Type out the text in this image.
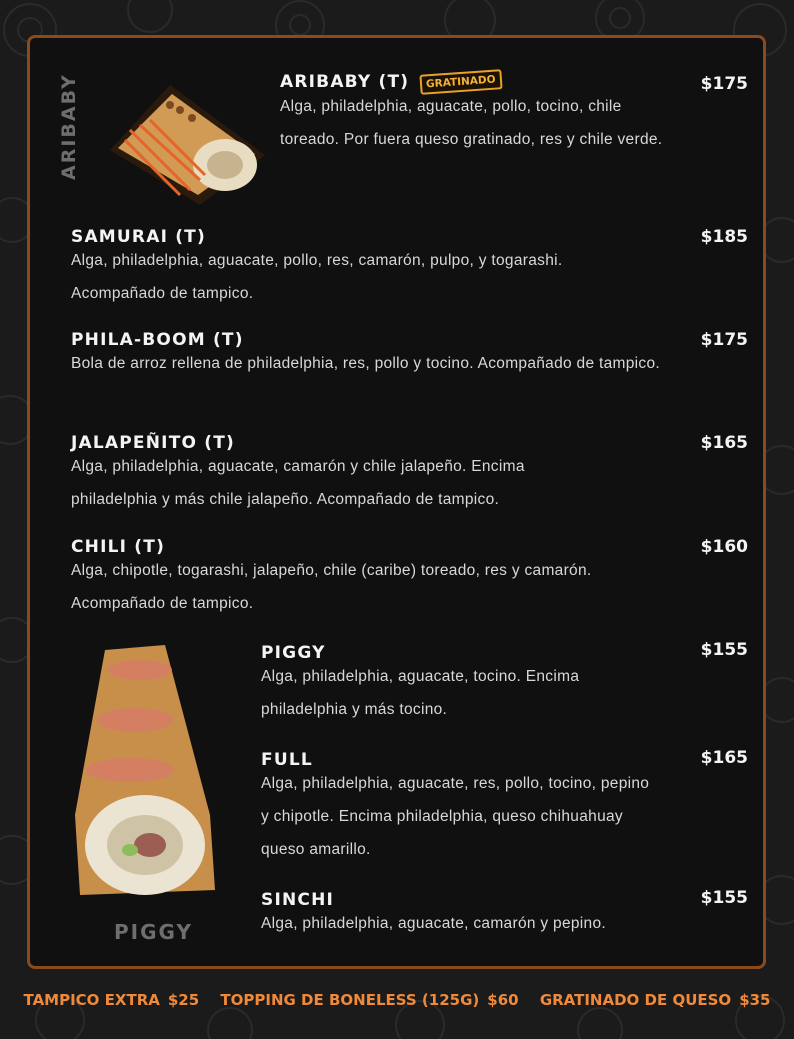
ARIBABY
PIGGY
ARIBABY (T) GRATINADO
Alga, philadelphia, aguacate, pollo, tocino, chile toreado. Por fuera queso gratinado, res y chile verde.
$175
SAMURAI (T)
Alga, philadelphia, aguacate, pollo, res, camarón, pulpo, y togarashi. Acompañado de tampico.
$185
PHILA-BOOM (T)
Bola de arroz rellena de philadelphia, res, pollo y tocino. Acompañado de tampico.
$175
JALAPEÑITO (T)
Alga, philadelphia, aguacate, camarón y chile jalapeño. Encima philadelphia y más chile jalapeño. Acompañado de tampico.
$165
CHILI (T)
Alga, chipotle, togarashi, jalapeño, chile (caribe) toreado, res y camarón. Acompañado de tampico.
$160
PIGGY
Alga, philadelphia, aguacate, tocino. Encima philadelphia y más tocino.
$155
FULL
Alga, philadelphia, aguacate, res, pollo, tocino, pepino y chipotle. Encima philadelphia, queso chihuahuay queso amarillo.
$165
SINCHI
Alga, philadelphia, aguacate, camarón y pepino.
$155
TAMPICO EXTRA $25 TOPPING DE BONELESS (125G) $60 GRATINADO DE QUESO $35
